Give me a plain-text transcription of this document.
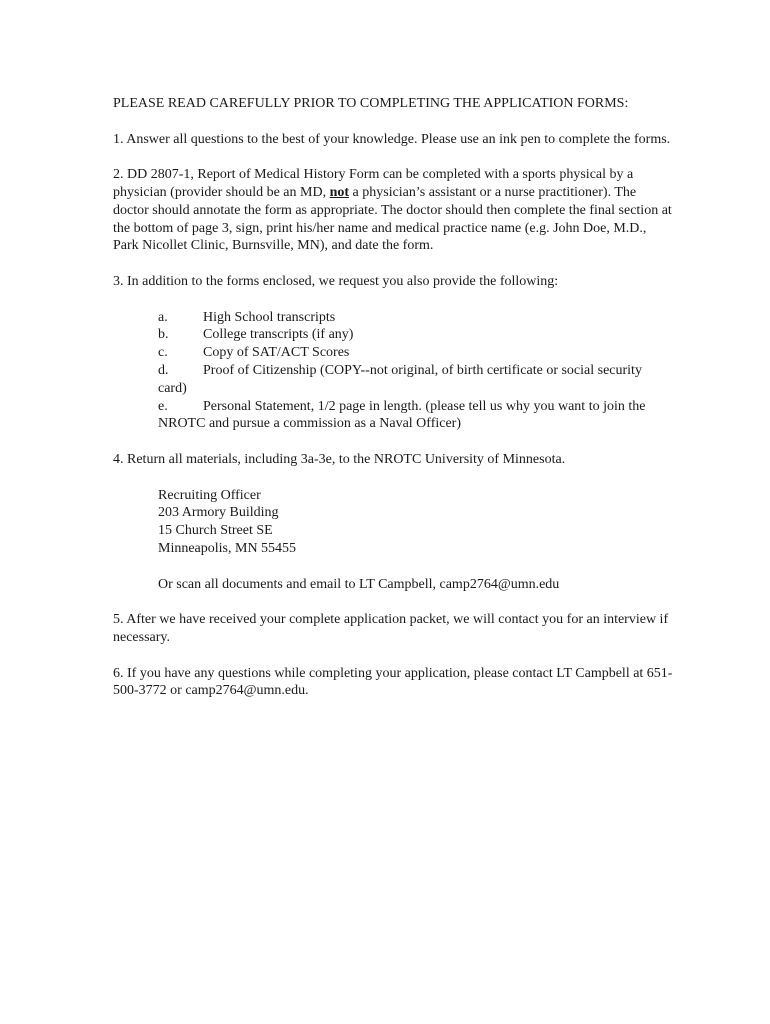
PLEASE READ CAREFULLY PRIOR TO COMPLETING THE APPLICATION FORMS:

1. Answer all questions to the best of your knowledge. Please use an ink pen to complete the forms.

2. DD 2807-1, Report of Medical History Form can be completed with a sports physical by a physician (provider should be an MD, not a physician’s assistant or a nurse practitioner). The doctor should annotate the form as appropriate. The doctor should then complete the final section at the bottom of page 3, sign, print his/her name and medical practice name (e.g. John Doe, M.D., Park Nicollet Clinic, Burnsville, MN), and date the form.

3. In addition to the forms enclosed, we request you also provide the following:

a.	High School transcripts
b. College transcripts (if any)
c.	Copy of SAT/ACT Scores
d. Proof of Citizenship (COPY--not original, of birth certificate or social security card)
e.	Personal Statement, 1/2 page in length. (please tell us why you want to join the NROTC and pursue a commission as a Naval Officer)

4. Return all materials, including 3a-3e, to the NROTC University of Minnesota.

Recruiting Officer
203 Armory Building
15 Church Street SE
Minneapolis, MN 55455

Or scan all documents and email to LT Campbell, camp2764@umn.edu

5. After we have received your complete application packet, we will contact you for an interview if necessary.

6. If you have any questions while completing your application, please contact LT Campbell at 651-500-3772 or camp2764@umn.edu.
